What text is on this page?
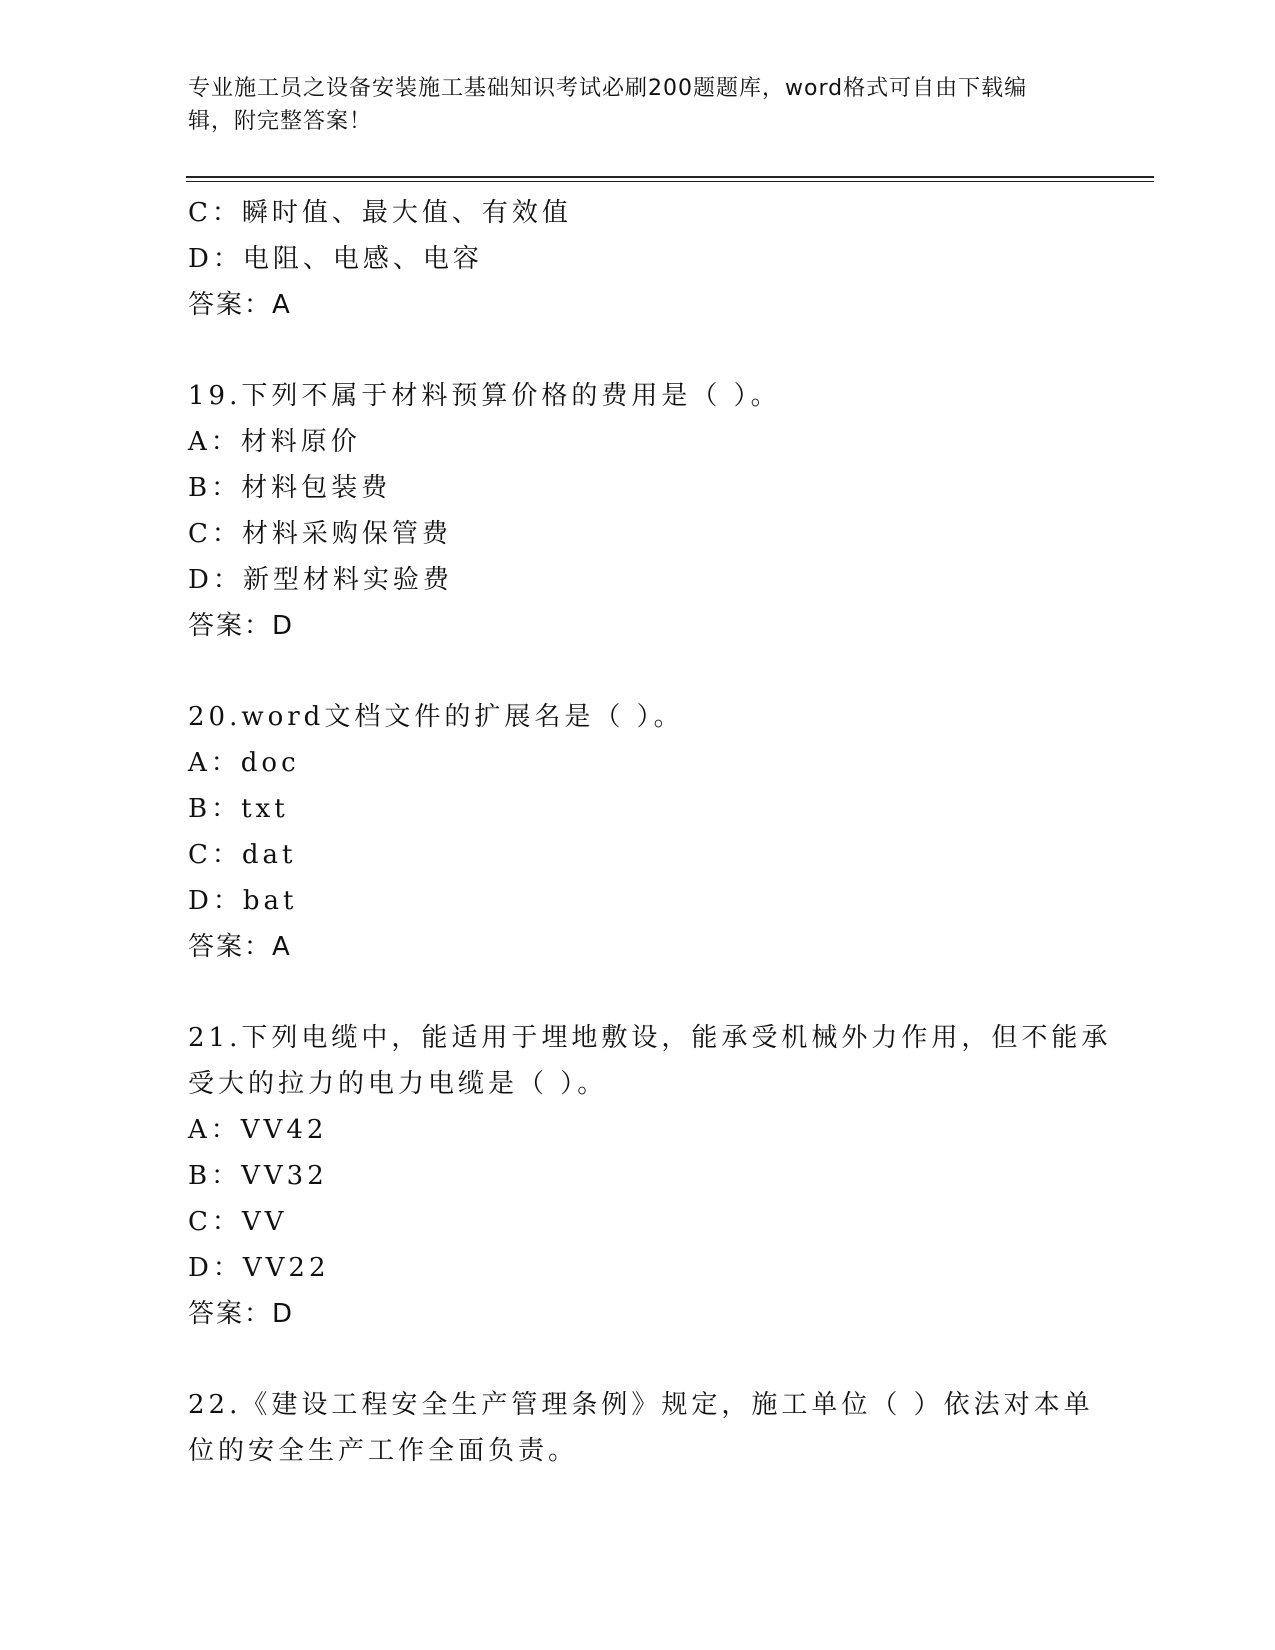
专业施工员之设备安装施工基础知识考试必刷200题题库，word格式可自由下载编辑，附完整答案！
C：瞬时值、最大值、有效值
D：电阻、电感、电容
答案：A
19.下列不属于材料预算价格的费用是（ ）。
A：材料原价
B：材料包装费
C：材料采购保管费
D：新型材料实验费
答案：D
20.word文档文件的扩展名是（ ）。
A：doc
B：txt
C：dat
D：bat
答案：A
21.下列电缆中，能适用于埋地敷设，能承受机械外力作用，但不能承
受大的拉力的电力电缆是（ ）。
A：VV42
B：VV32
C：VV
D：VV22
答案：D
22.《建设工程安全生产管理条例》规定，施工单位（ ）依法对本单
位的安全生产工作全面负责。
